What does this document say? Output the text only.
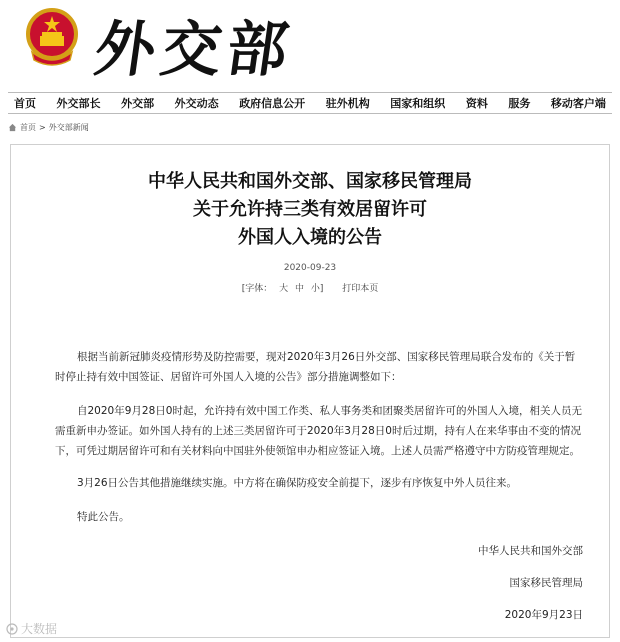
外交部
首页 外交部长 外交部 外交动态 政府信息公开 驻外机构 国家和组织 资料 服务 移动客户端
首页 > 外交部新闻
中华人民共和国外交部、国家移民管理局
关于允许持三类有效居留许可
外国人入境的公告
2020-09-23
[字体： 大 中 小] 打印本页

根据当前新冠肺炎疫情形势及防控需要，现对2020年3月26日外交部、国家移民管理局联合发布的《关于暂时停止持有效中国签证、居留许可外国人入境的公告》部分措施调整如下：

自2020年9月28日0时起，允许持有效中国工作类、私人事务类和团聚类居留许可的外国人入境，相关人员无需重新申办签证。如外国人持有的上述三类居留许可于2020年3月28日0时后过期，持有人在来华事由不变的情况下，可凭过期居留许可和有关材料向中国驻外使领馆申办相应签证入境。上述人员需严格遵守中方防疫管理规定。

3月26日公告其他措施继续实施。中方将在确保防疫安全前提下，逐步有序恢复中外人员往来。

特此公告。

中华人民共和国外交部
国家移民管理局
2020年9月23日
大数据
